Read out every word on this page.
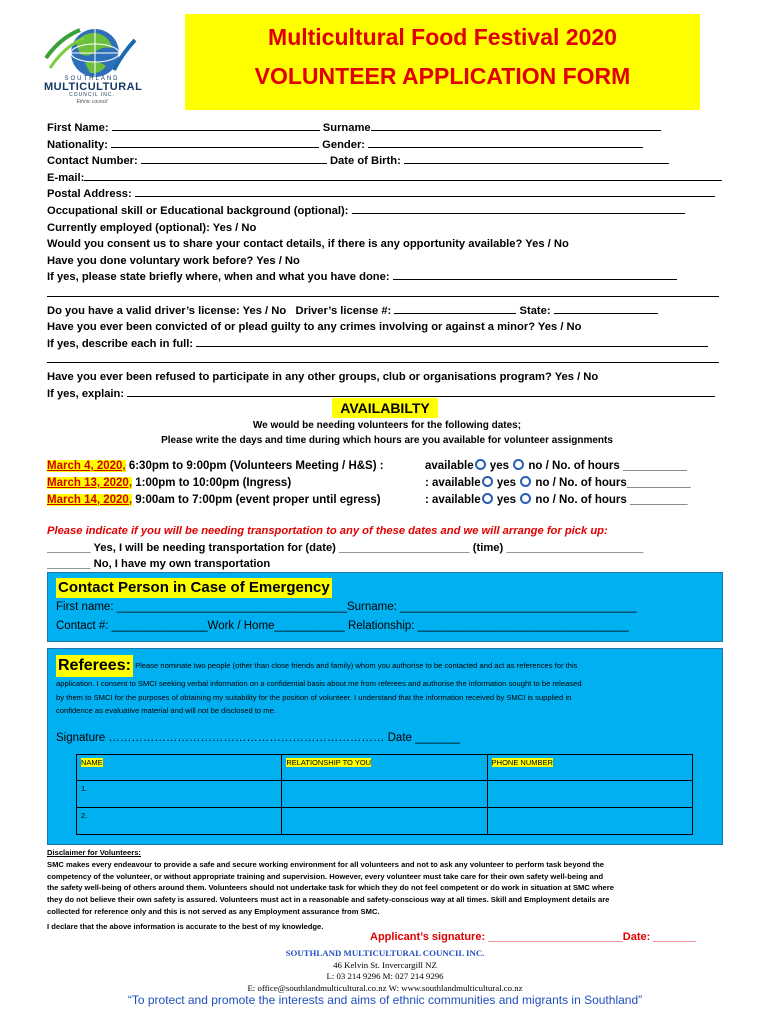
SOUTHLAND
MULTICULTURAL
COUNCIL INC.
Ethnic council
Multicultural Food Festival 2020
VOLUNTEER APPLICATION FORM
First Name:	Surname
Nationality:	Gender:
Contact Number:	Date of Birth:
E-mail:
Postal Address:
Occupational skill or Educational background (optional):
Currently employed (optional): Yes / No
Would you consent us to share your contact details, if there is any opportunity available? Yes / No
Have you done voluntary work before? Yes / No
If yes, please state briefly where, when and what you have done:
Do you have a valid driver’s license: Yes / No Driver’s license #:	State:
Have you ever been convicted of or plead guilty to any crimes involving or against a minor? Yes / No
If yes, describe each in full:
Have you ever been refused to participate in any other groups, club or organisations program? Yes / No
If yes, explain:
AVAILABILTY
We would be needing volunteers for the following dates;
Please write the days and time during which hours are you available for volunteer assignments
March 4, 2020, 6:30pm to 9:00pm (Volunteers Meeting / H&S) :	available yes no / No. of hours __________
March 13, 2020, 1:00pm to 10:00pm (Ingress)	: available yes no / No. of hours__________
March 14, 2020, 9:00am to 7:00pm (event proper until egress)	: available yes no / No. of hours _________
Please indicate if you will be needing transportation to any of these dates and we will arrange for pick up:
_______ Yes, I will be needing transportation for (date) _____________________ (time) ______________________
_______ No, I have my own transportation
Contact Person in Case of Emergency
First name: ____________________________________Surname: _____________________________________
Contact #: _______________Work / Home___________ Relationship: _________________________________
Referees: Please nominate two people (other than close friends and family) whom you authorise to be contacted and act as references for this
application. I consent to SMCI seeking verbal information on a confidential basis about me from referees and authorise the information sought to be released
by them to SMCI for the purposes of obtaining my suitability for the position of volunteer. I understand that the information received by SMCI is supplied in
confidence as evaluative material and will not be disclosed to me.
Signature ……………………………………………………………… Date _______
NAME	RELATIONSHIP TO YOU	PHONE NUMBER
1.		
2.		
Disclaimer for Volunteers:
SMC makes every endeavour to provide a safe and secure working environment for all volunteers and not to ask any volunteer to perform task beyond the
competency of the volunteer, or without appropriate training and supervision. However, every volunteer must take care for their own safety well-being and
the safety well-being of others around them. Volunteers should not undertake task for which they do not feel competent or do work in situation at SMC where
they do not believe their own safety is assured. Volunteers must act in a reasonable and safety-conscious way at all times. Skill and Employment details are
collected for reference only and this is not served as any Employment assurance from SMC.
I declare that the above information is accurate to the best of my knowledge.
Applicant’s signature: ______________________Date: _______
SOUTHLAND MULTICULTURAL COUNCIL INC.
46 Kelvin St. Invercargill NZ
L: 03 214 9296 M: 027 214 9296
E: office@southlandmulticultural.co.nz W: www.southlandmulticultural.co.nz
“To protect and promote the interests and aims of ethnic communities and migrants in Southland”
